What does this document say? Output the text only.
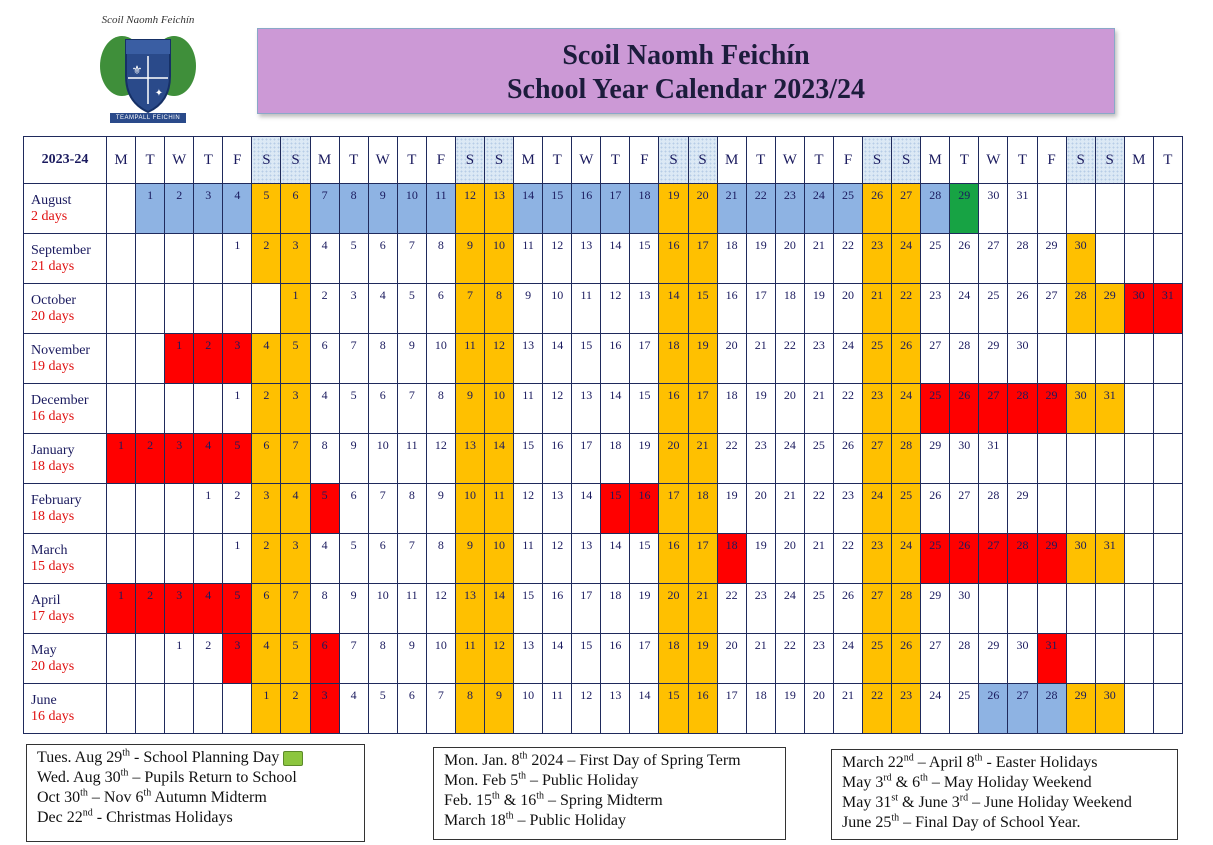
Scoil Naomh Feichín
⚜
✦
TEAMPALL FEICHIN
Scoil Naomh Feichín
School Year Calendar 2023/24
2023-24	M	T	W	T	F	S	S	M	T	W	T	F	S	S	M	T	W	T	F	S	S	M	T	W	T	F	S	S	M	T	W	T	F	S	S	M	T

August
2 days		1	2	3	4	5	6	7	8	9	10	11	12	13	14	15	16	17	18	19	20	21	22	23	24	25	26	27	28	29	30	31					

September
21 days					1	2	3	4	5	6	7	8	9	10	11	12	13	14	15	16	17	18	19	20	21	22	23	24	25	26	27	28	29	30			

October
20 days							1	2	3	4	5	6	7	8	9	10	11	12	13	14	15	16	17	18	19	20	21	22	23	24	25	26	27	28	29	30	31

November
19 days			1	2	3	4	5	6	7	8	9	10	11	12	13	14	15	16	17	18	19	20	21	22	23	24	25	26	27	28	29	30					

December
16 days					1	2	3	4	5	6	7	8	9	10	11	12	13	14	15	16	17	18	19	20	21	22	23	24	25	26	27	28	29	30	31		

January
18 days	1	2	3	4	5	6	7	8	9	10	11	12	13	14	15	16	17	18	19	20	21	22	23	24	25	26	27	28	29	30	31						

February
18 days				1	2	3	4	5	6	7	8	9	10	11	12	13	14	15	16	17	18	19	20	21	22	23	24	25	26	27	28	29					

March
15 days					1	2	3	4	5	6	7	8	9	10	11	12	13	14	15	16	17	18	19	20	21	22	23	24	25	26	27	28	29	30	31		

April
17 days	1	2	3	4	5	6	7	8	9	10	11	12	13	14	15	16	17	18	19	20	21	22	23	24	25	26	27	28	29	30							

May
20 days			1	2	3	4	5	6	7	8	9	10	11	12	13	14	15	16	17	18	19	20	21	22	23	24	25	26	27	28	29	30	31				

June
16 days						1	2	3	4	5	6	7	8	9	10	11	12	13	14	15	16	17	18	19	20	21	22	23	24	25	26	27	28	29	30		
Tues. Aug 29th - School Planning Day
Wed. Aug 30th – Pupils Return to School
Oct 30th – Nov 6th Autumn Midterm
Dec 22nd - Christmas Holidays
Mon. Jan. 8th 2024 – First Day of Spring Term
Mon. Feb 5th – Public Holiday
Feb. 15th & 16th – Spring Midterm
March 18th – Public Holiday
March 22nd – April 8th - Easter Holidays
May 3rd & 6th – May Holiday Weekend
May 31st & June 3rd – June Holiday Weekend
June 25th – Final Day of School Year.
